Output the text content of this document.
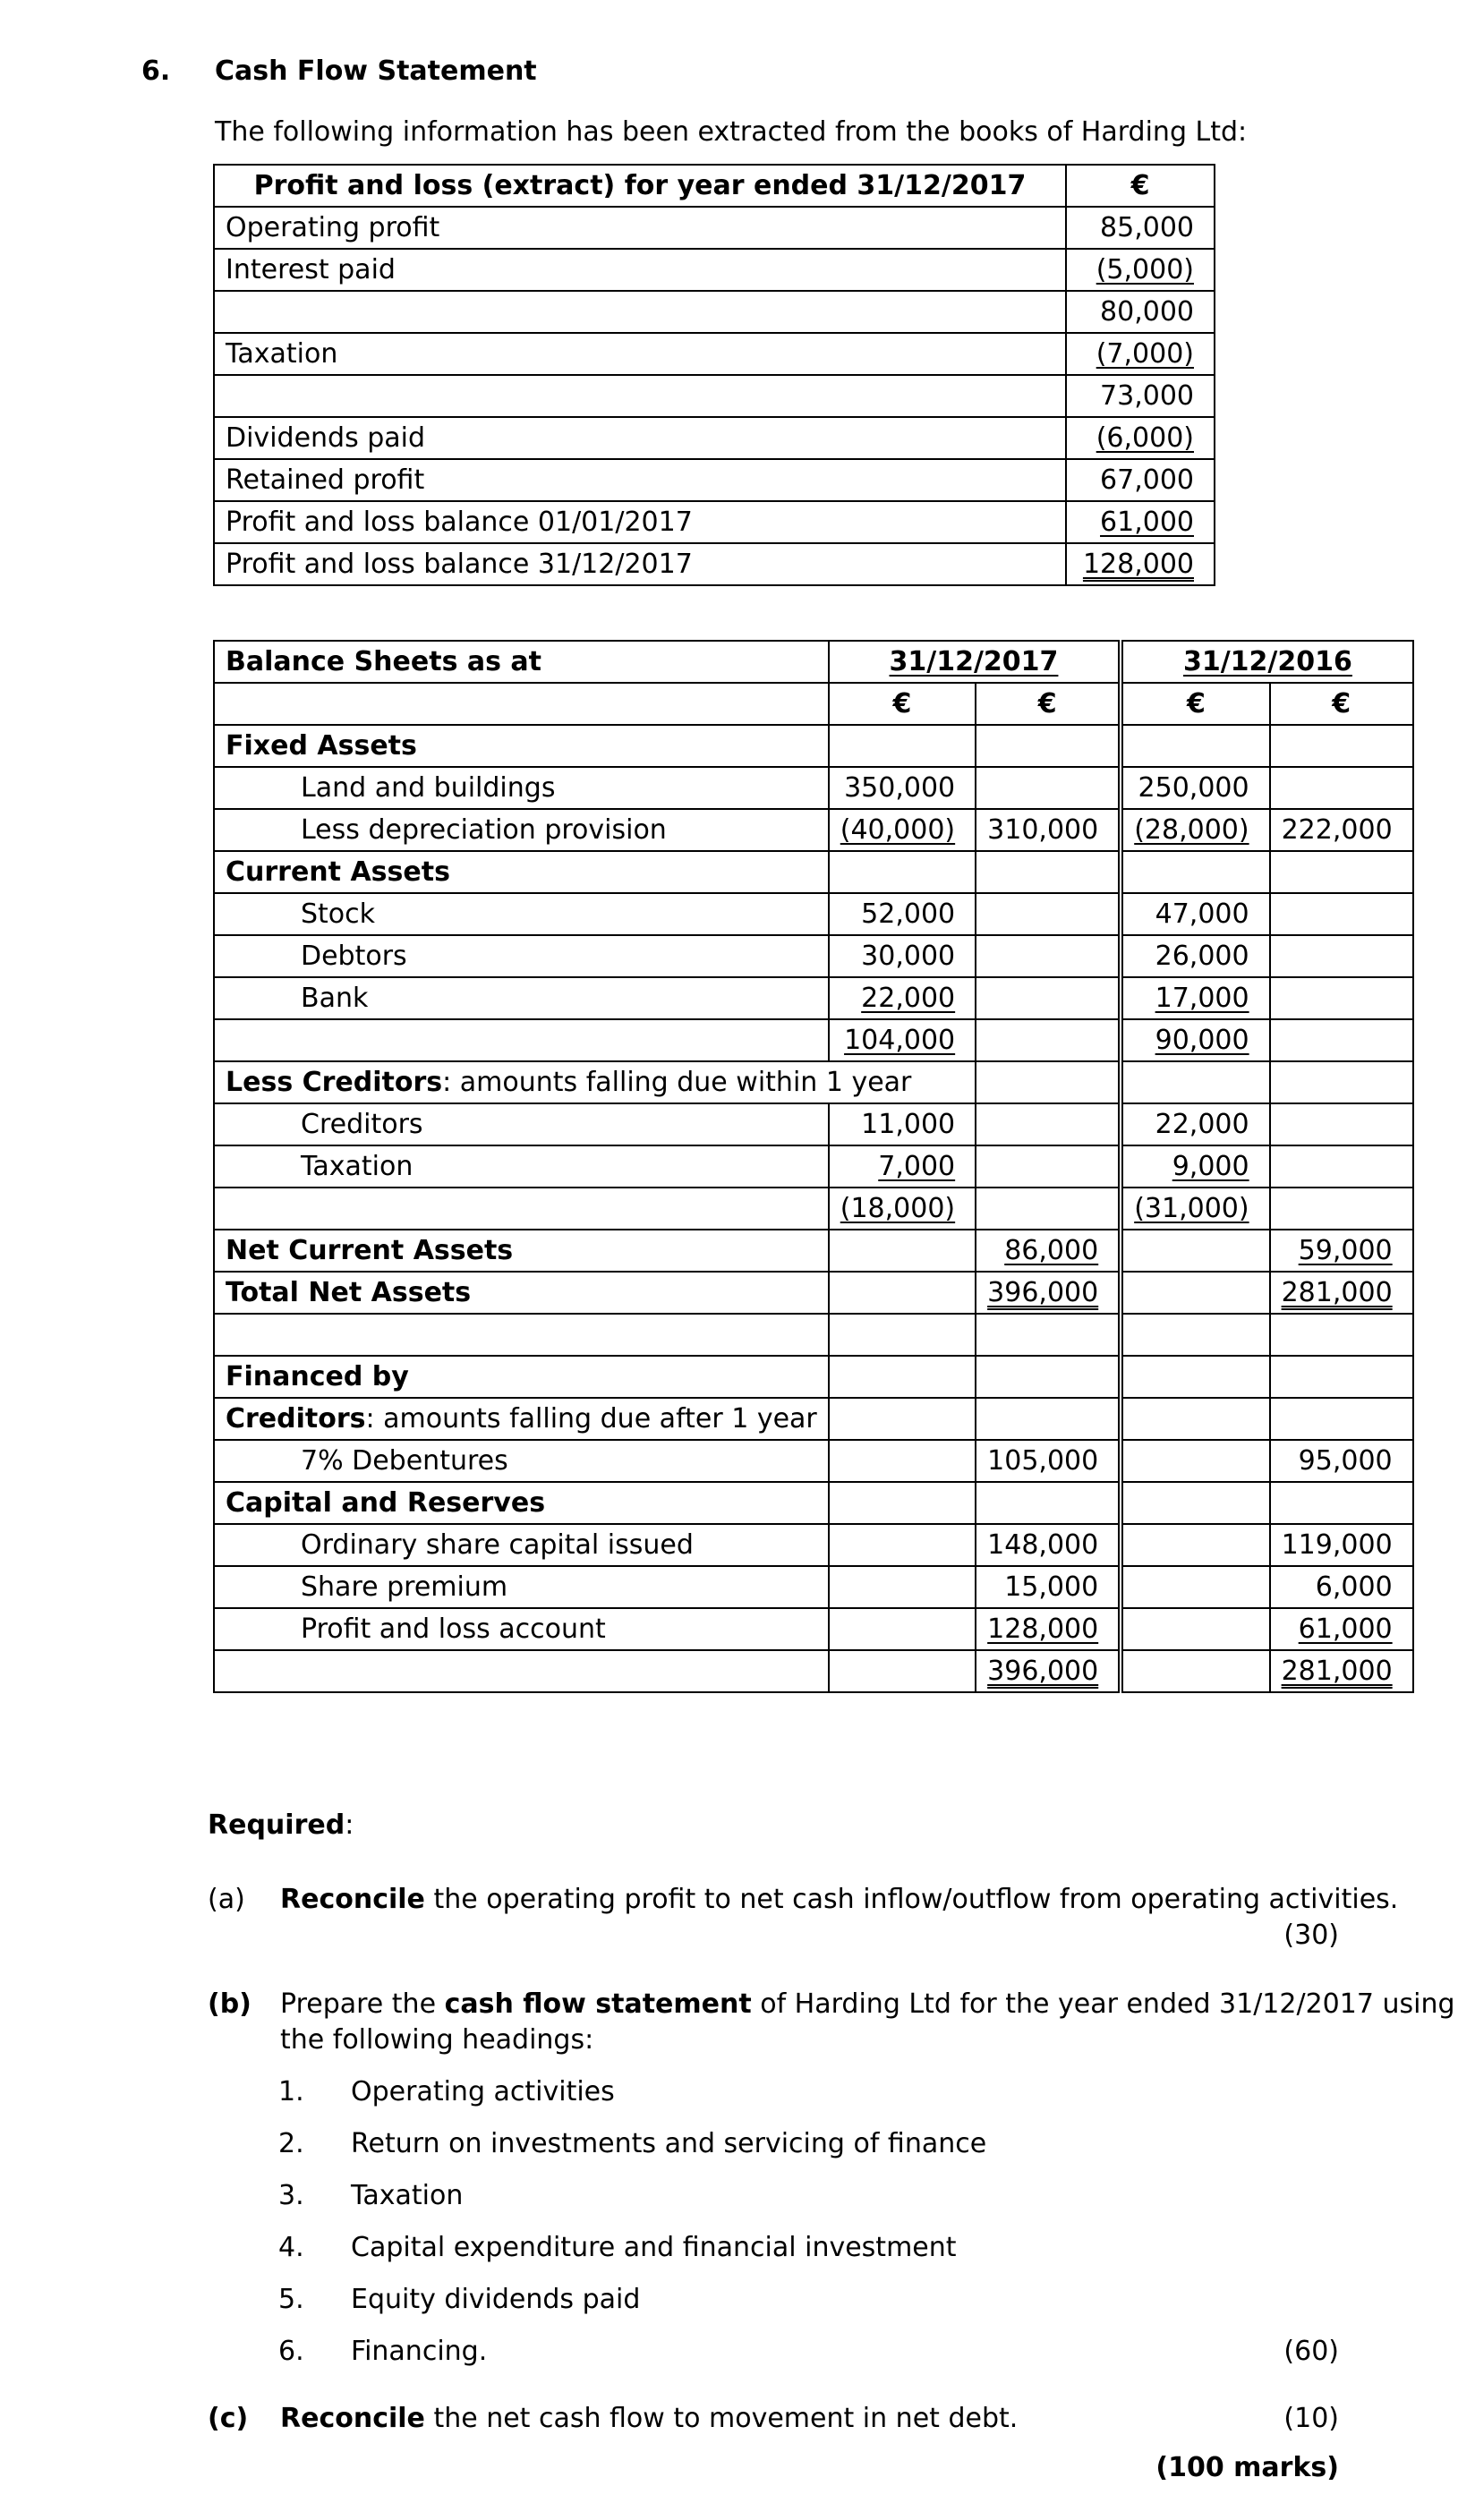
6. Cash Flow Statement
The following information has been extracted from the books of Harding Ltd:
Profit and loss (extract) for year ended 31/12/2017	€
Operating profit	85,000
Interest paid	(5,000)
	80,000
Taxation	(7,000)
	73,000
Dividends paid	(6,000)
Retained profit	67,000
Profit and loss balance 01/01/2017	61,000
Profit and loss balance 31/12/2017	128,000
Balance Sheets as at	31/12/2017		31/12/2016	
	€	€	€	€
Fixed Assets				
Land and buildings	350,000		250,000	
Less depreciation provision	(40,000)	310,000	(28,000)	222,000
Current Assets				
Stock	52,000		47,000	
Debtors	30,000		26,000	
Bank	22,000		17,000	
	104,000		90,000	
Less Creditors: amounts falling due within 1 year				
Creditors	11,000		22,000	
Taxation	7,000		9,000	
	(18,000)		(31,000)	
Net Current Assets		86,000		59,000
Total Net Assets		396,000		281,000

Financed by				
Creditors: amounts falling due after 1 year				
7% Debentures		105,000		95,000
Capital and Reserves				
Ordinary share capital issued		148,000		119,000
Share premium		15,000		6,000
Profit and loss account		128,000		61,000
		396,000		281,000
Required:
(a) Reconcile the operating profit to net cash inflow/outflow from operating activities.
(30)
(b) Prepare the cash flow statement of Harding Ltd for the year ended 31/12/2017 using
the following headings:
1. Operating activities
2. Return on investments and servicing of finance
3. Taxation
4. Capital expenditure and financial investment
5. Equity dividends paid
6. Financing.	(60)
(c) Reconcile the net cash flow to movement in net debt.	(10)
(100 marks)
